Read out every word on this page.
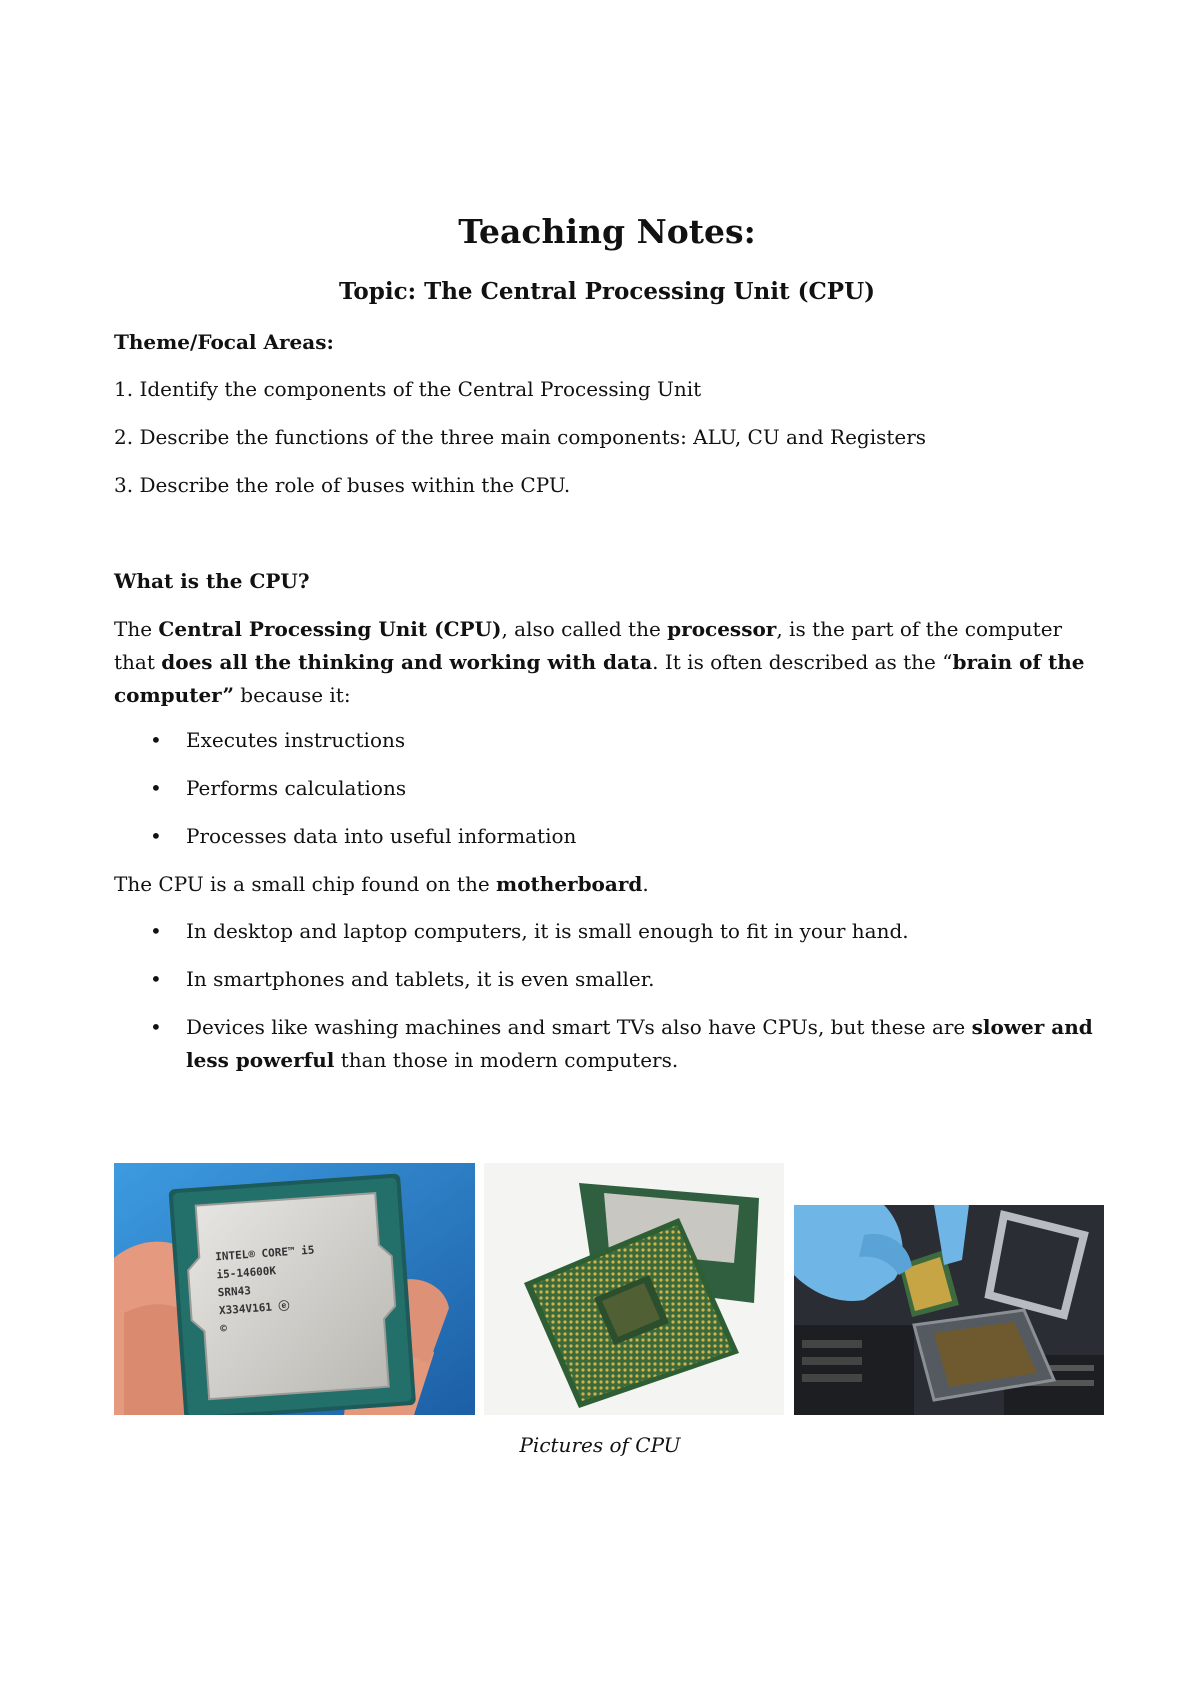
Teaching Notes:
Topic: The Central Processing Unit (CPU)

Theme/Focal Areas:

1. Identify the components of the Central Processing Unit

2. Describe the functions of the three main components: ALU, CU and Registers

3. Describe the role of buses within the CPU.

What is the CPU?

The Central Processing Unit (CPU), also called the processor, is the part of the computer that does all the thinking and working with data. It is often described as the “brain of the computer” because it:

•	Executes instructions
•	Performs calculations
•	Processes data into useful information

The CPU is a small chip found on the motherboard.

•	In desktop and laptop computers, it is small enough to fit in your hand.
•	In smartphones and tablets, it is even smaller.
•	Devices like washing machines and smart TVs also have CPUs, but these are slower and less powerful than those in modern computers.
INTEL® CORE™ i5
i5-14600K
SRN43
X334V161 ⓔ
©
Pictures of CPU
